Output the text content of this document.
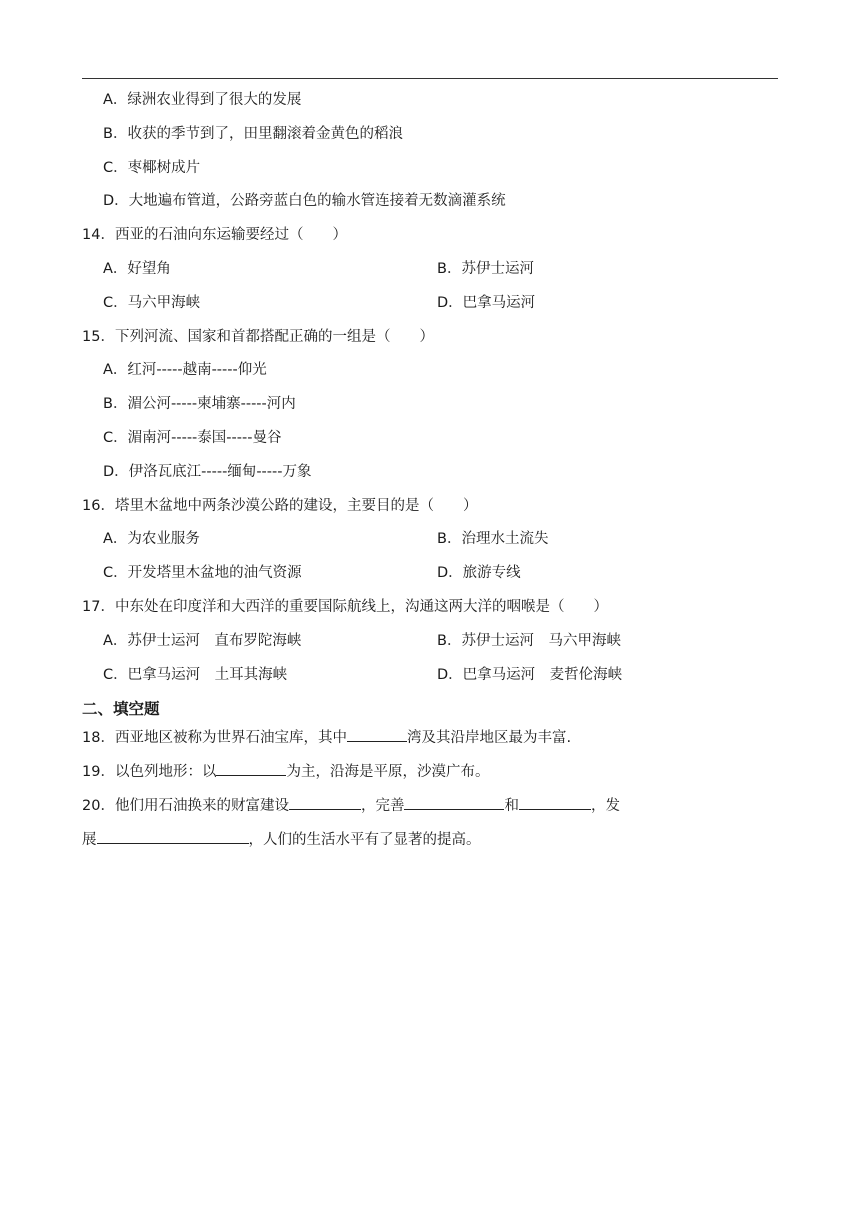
A．绿洲农业得到了很大的发展
B．收获的季节到了，田里翻滚着金黄色的稻浪
C．枣椰树成片
D．大地遍布管道，公路旁蓝白色的输水管连接着无数滴灌系统
14．西亚的石油向东运输要经过（　　）
A．好望角	B．苏伊士运河
C．马六甲海峡	D．巴拿马运河
15．下列河流、国家和首都搭配正确的一组是（　　）
A．红河-----越南-----仰光
B．湄公河-----柬埔寨-----河内
C．湄南河-----泰国-----曼谷
D．伊洛瓦底江-----缅甸-----万象
16．塔里木盆地中两条沙漠公路的建设，主要目的是（　　）
A．为农业服务	B．治理水土流失
C．开发塔里木盆地的油气资源	D．旅游专线
17．中东处在印度洋和大西洋的重要国际航线上，沟通这两大洋的咽喉是（　　）
A．苏伊士运河　直布罗陀海峡	B．苏伊士运河　马六甲海峡
C．巴拿马运河　土耳其海峡	D．巴拿马运河　麦哲伦海峡
二、填空题
18．西亚地区被称为世界石油宝库，其中	湾及其沿岸地区最为丰富.
19．以色列地形：以	为主，沿海是平原，沙漠广布。
20．他们用石油换来的财富建设	，完善	和	，发
展	，人们的生活水平有了显著的提高。
